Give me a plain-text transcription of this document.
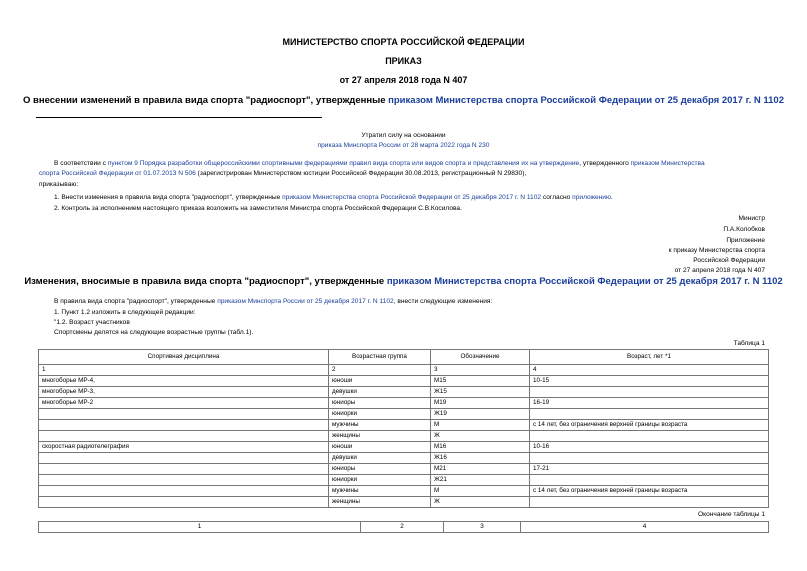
МИНИСТЕРСТВО СПОРТА РОССИЙСКОЙ ФЕДЕРАЦИИ
ПРИКАЗ
от 27 апреля 2018 года N 407
О внесении изменений в правила вида спорта "радиоспорт", утвержденные приказом Министерства спорта Российской Федерации от 25 декабря 2017 г. N 1102
Утратил силу на основании
приказа Минспорта России от 28 марта 2022 года N 230
В соответствии с пунктом 9 Порядка разработки общероссийскими спортивными федерациями правил вида спорта или видов спорта и представления их на утверждение, утвержденного приказом Министерства
спорта Российской Федерации от 01.07.2013 N 506 (зарегистрирован Министерством юстиции Российской Федерации 30.08.2013, регистрационный N 29830),
приказываю:
1. Внести изменения в правила вида спорта "радиоспорт", утвержденные приказом Министерства спорта Российской Федерации от 25 декабря 2017 г. N 1102 согласно приложению.
2. Контроль за исполнением настоящего приказа возложить на заместителя Министра спорта Российской Федерации С.В.Косилова.
Министр
П.А.Колобков
Приложение
к приказу Министерства спорта
Российской Федерации
от 27 апреля 2018 года N 407
Изменения, вносимые в правила вида спорта "радиоспорт", утвержденные приказом Министерства спорта Российской Федерации от 25 декабря 2017 г. N 1102
В правила вида спорта "радиоспорт", утвержденные приказом Минспорта России от 25 декабря 2017 г. N 1102, внести следующие изменения:
1. Пункт 1.2 изложить в следующей редакции:
"1.2. Возраст участников
Спортсмены делятся на следующие возрастные группы (табл.1).
Таблица 1
Спортивная дисциплина	Возрастная группа	Обозначение	Возраст, лет *1
1	2	3	4
многоборье МР-4,	юноши	М15	10-15
многоборье МР-3,	девушки	Ж15	
многоборье МР-2	юниоры	М19	16-19
	юниорки	Ж19	
	мужчины	М	с 14 лет, без ограничения верхней границы возраста
	женщины	Ж	
скоростная радиотелеграфия	юноши	М16	10-16
	девушки	Ж16	
	юниоры	М21	17-21
	юниорки	Ж21	
	мужчины	М	с 14 лет, без ограничения верхней границы возраста
	женщины	Ж	
Окончание таблицы 1
1	2	3	4
